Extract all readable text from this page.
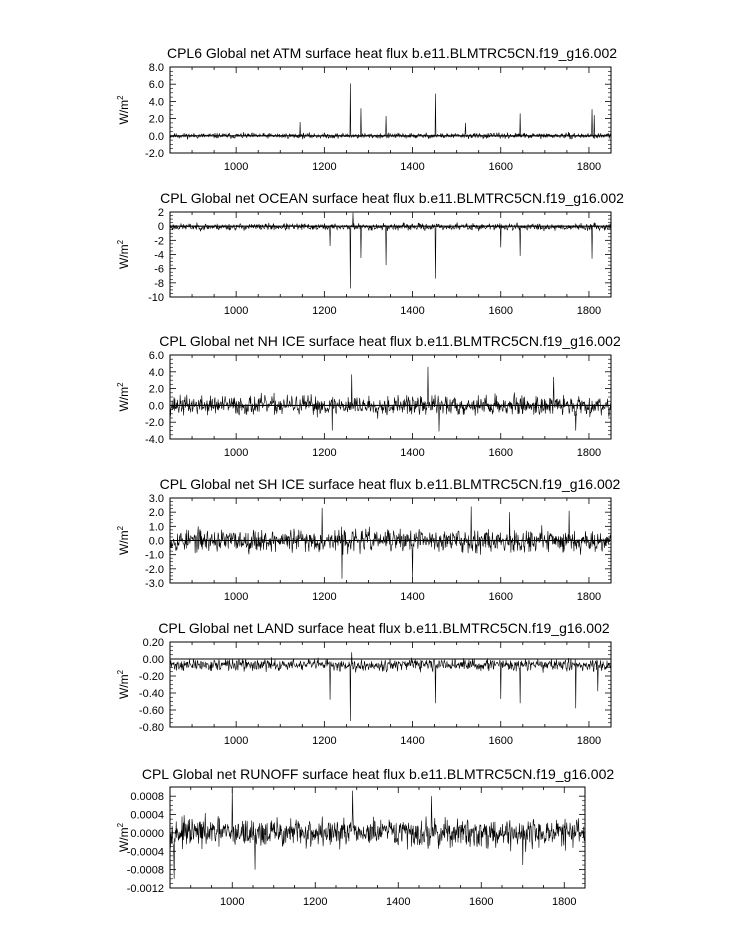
CPL6 Global net ATM surface heat flux b.e11.BLMTRC5CN.f19_g16.002
$W/m^2$
1000	1200	1400	1600	1800
8.0
6.0
4.0
2.0
0.0
-2.0
CPL Global net OCEAN surface heat flux b.e11.BLMTRC5CN.f19_g16.002
$W/m^2$
1000	1200	1400	1600	1800
2
0
-2
-4
-6
-8
-10
CPL Global net NH ICE surface heat flux b.e11.BLMTRC5CN.f19_g16.002
$W/m^2$
1000	1200	1400	1600	1800
6.0
4.0
2.0
0.0
-2.0
-4.0
CPL Global net SH ICE surface heat flux b.e11.BLMTRC5CN.f19_g16.002
$W/m^2$
1000	1200	1400	1600	1800
3.0
2.0
1.0
0.0
-1.0
-2.0
-3.0
CPL Global net LAND surface heat flux b.e11.BLMTRC5CN.f19_g16.002
$W/m^2$
1000	1200	1400	1600	1800
0.20
0.00
-0.20
-0.40
-0.60
-0.80
CPL Global net RUNOFF surface heat flux b.e11.BLMTRC5CN.f19_g16.002
$W/m^2$
1000	1200	1400	1600	1800
0.0008
0.0004
0.0000
-0.0004
-0.0008
-0.0012
